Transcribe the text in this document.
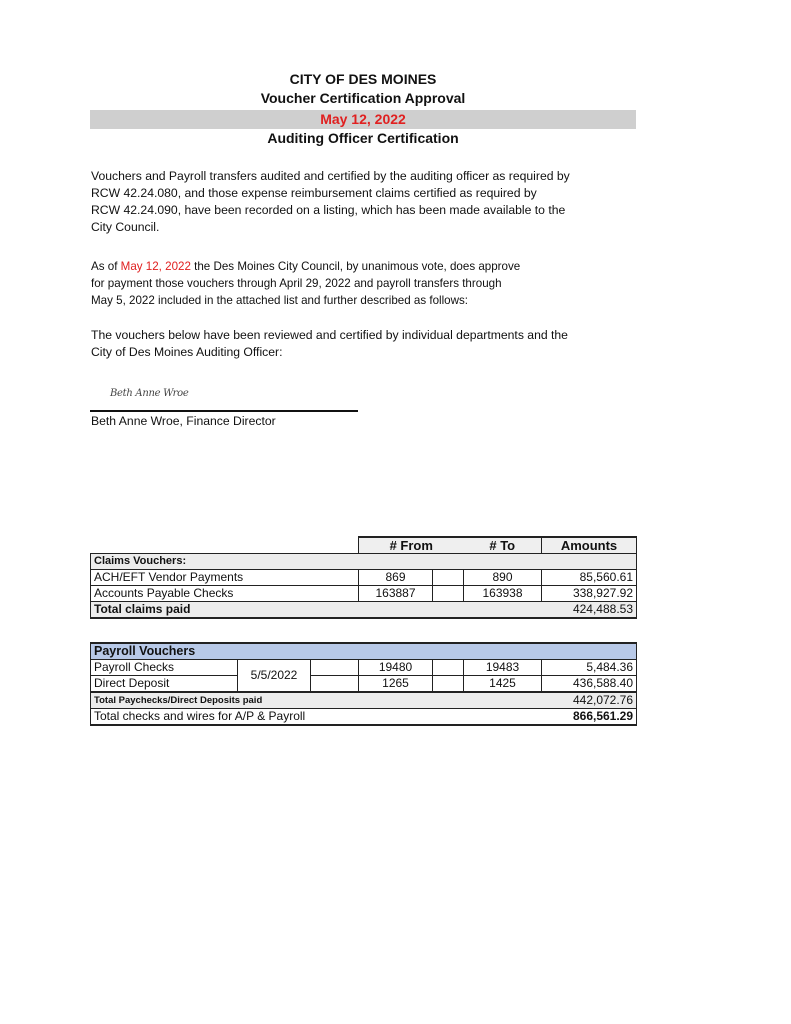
CITY OF DES MOINES
Voucher Certification Approval
May 12, 2022
Auditing Officer Certification
Vouchers and Payroll transfers audited and certified by the auditing officer as required by
RCW 42.24.080, and those expense reimbursement claims certified as required by
RCW 42.24.090, have been recorded on a listing, which has been made available to the
City Council.
As of May 12, 2022 the Des Moines City Council, by unanimous vote, does approve
for payment those vouchers through April 29, 2022 and payroll transfers through
May 5, 2022 included in the attached list and further described as follows:
The vouchers below have been reviewed and certified by individual departments and the
City of Des Moines Auditing Officer:
Beth Anne Wroe
Beth Anne Wroe, Finance Director
	# From		# To	Amounts
Claims Vouchers:				
ACH/EFT Vendor Payments	869		890	85,560.61
Accounts Payable Checks	163887		163938	338,927.92
Total claims paid				424,488.53
Payroll Vouchers						
Payroll Checks	5/5/2022		19480		19483	5,484.36
Direct Deposit			1265		1425	436,588.40
Total Paychecks/Direct Deposits paid						442,072.76
Total checks and wires for A/P & Payroll						866,561.29
